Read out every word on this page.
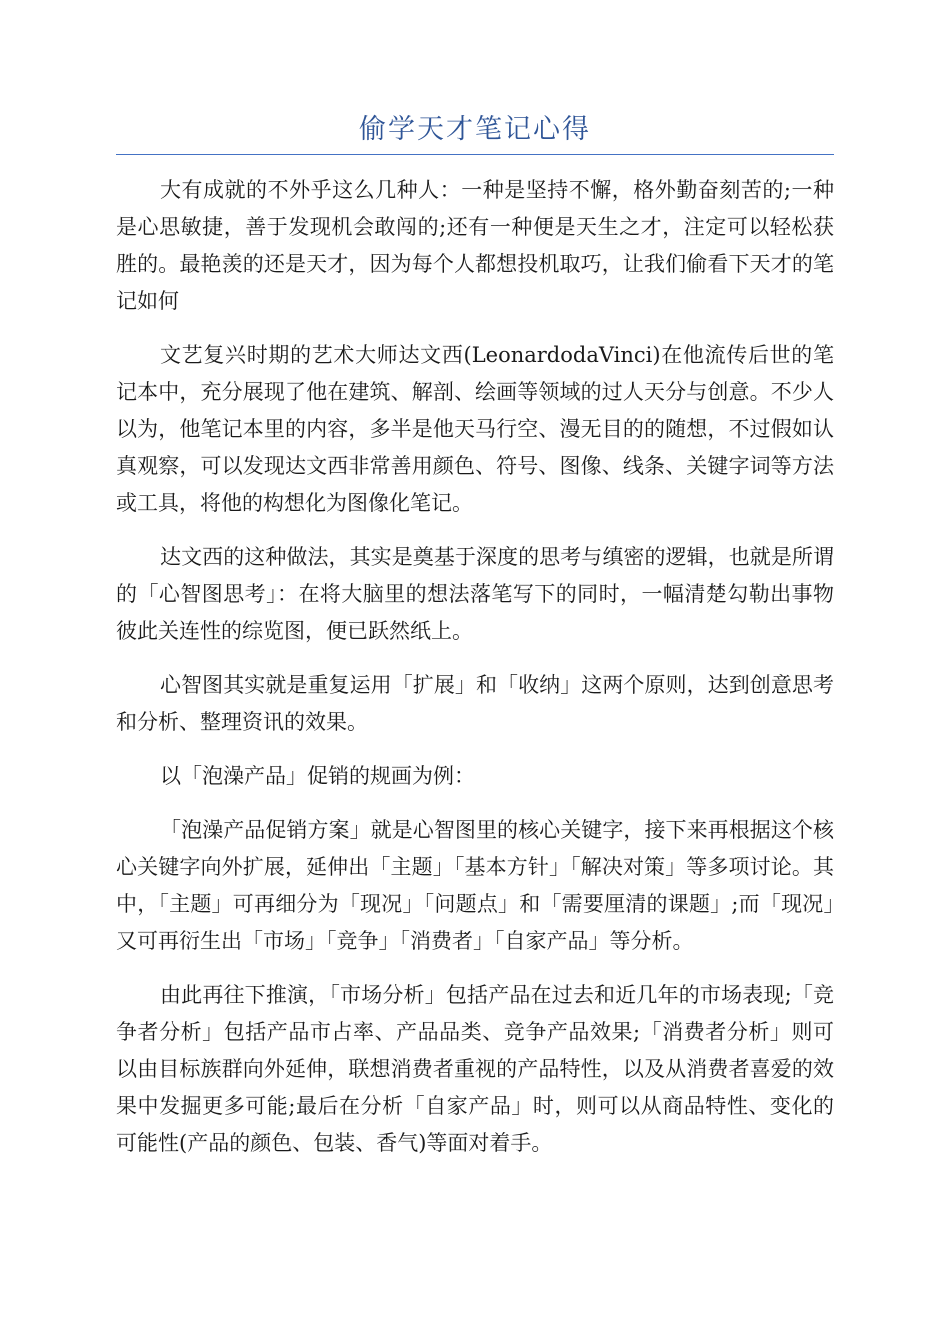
偷学天才笔记心得

大有成就的不外乎这么几种人：一种是坚持不懈，格外勤奋刻苦的;一种是心思敏捷，善于发现机会敢闯的;还有一种便是天生之才，注定可以轻松获胜的。最艳羡的还是天才，因为每个人都想投机取巧，让我们偷看下天才的笔记如何

文艺复兴时期的艺术大师达文西(LeonardodaVinci)在他流传后世的笔记本中，充分展现了他在建筑、解剖、绘画等领域的过人天分与创意。不少人以为，他笔记本里的内容，多半是他天马行空、漫无目的的随想，不过假如认真观察，可以发现达文西非常善用颜色、符号、图像、线条、关键字词等方法或工具，将他的构想化为图像化笔记。

达文西的这种做法，其实是奠基于深度的思考与缜密的逻辑，也就是所谓的「心智图思考」：在将大脑里的想法落笔写下的同时，一幅清楚勾勒出事物彼此关连性的综览图，便已跃然纸上。

心智图其实就是重复运用「扩展」和「收纳」这两个原则，达到创意思考和分析、整理资讯的效果。

以「泡澡产品」促销的规画为例：

「泡澡产品促销方案」就是心智图里的核心关键字，接下来再根据这个核心关键字向外扩展，延伸出「主题」「基本方针」「解决对策」等多项讨论。其中，「主题」可再细分为「现况」「问题点」和「需要厘清的课题」;而「现况」又可再衍生出「市场」「竞争」「消费者」「自家产品」等分析。

由此再往下推演，「市场分析」包括产品在过去和近几年的市场表现;「竞争者分析」包括产品市占率、产品品类、竞争产品效果;「消费者分析」则可以由目标族群向外延伸，联想消费者重视的产品特性，以及从消费者喜爱的效果中发掘更多可能;最后在分析「自家产品」时，则可以从商品特性、变化的可能性(产品的颜色、包装、香气)等面对着手。
